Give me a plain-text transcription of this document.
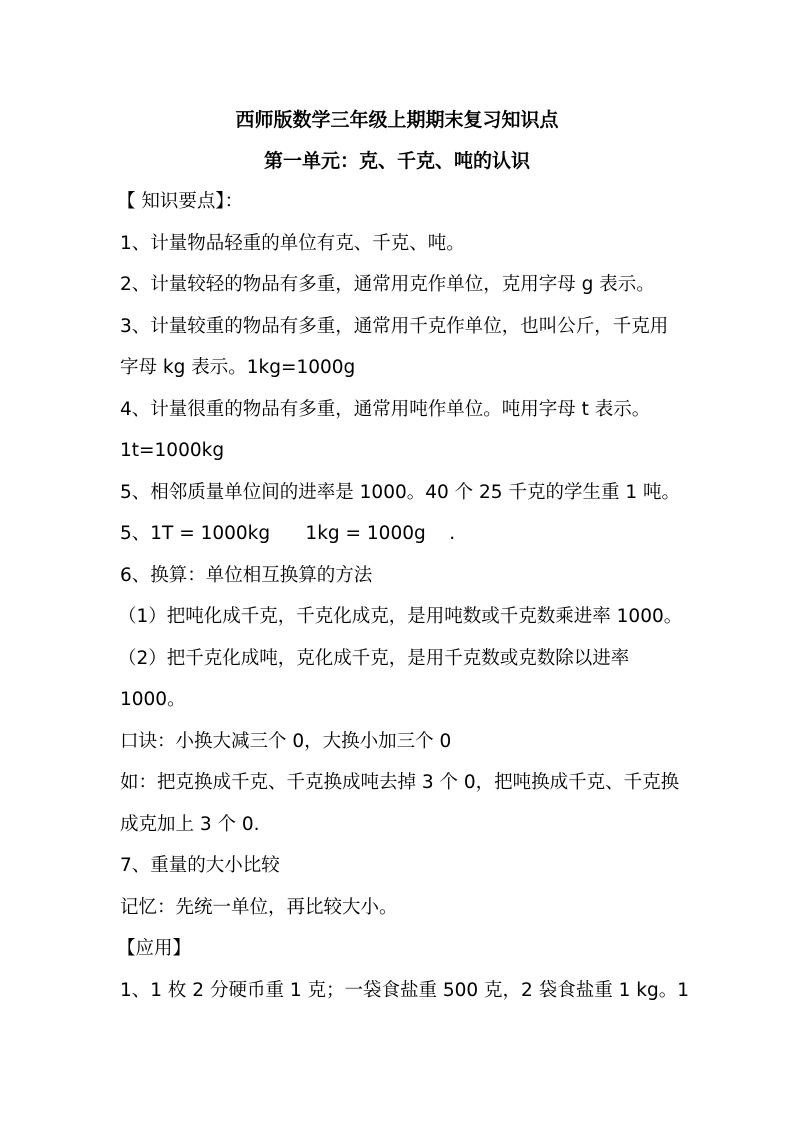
西师版数学三年级上期期末复习知识点
第一单元：克、千克、吨的认识
【 知识要点】：
1、计量物品轻重的单位有克、千克、吨。
2、计量较轻的物品有多重，通常用克作单位，克用字母 g 表示。
3、计量较重的物品有多重，通常用千克作单位，也叫公斤，千克用
字母 kg 表示。1kg=1000g
4、计量很重的物品有多重，通常用吨作单位。吨用字母 t 表示。
1t=1000kg
5、相邻质量单位间的进率是 1000。40 个 25 千克的学生重 1 吨。
5、1T = 1000kg      1kg = 1000g    .
6、换算：单位相互换算的方法
（1）把吨化成千克，千克化成克，是用吨数或千克数乘进率 1000。
（2）把千克化成吨，克化成千克，是用千克数或克数除以进率
1000。
口诀：小换大减三个 0，大换小加三个 0
如：把克换成千克、千克换成吨去掉 3 个 0，把吨换成千克、千克换
成克加上 3 个 0.
7、重量的大小比较
记忆：先统一单位，再比较大小。
【应用】
1、1 枚 2 分硬币重 1 克；一袋食盐重 500 克，2 袋食盐重 1 kg。1
